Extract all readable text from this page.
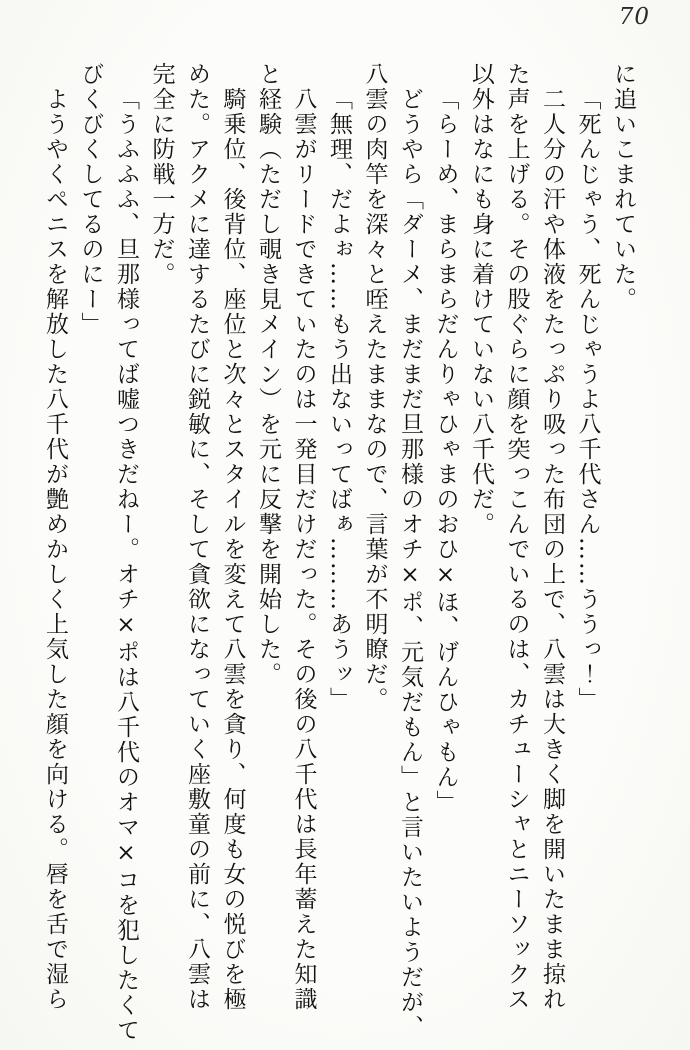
70
に追いこまれていた。
「死んじゃう、死んじゃうよ八千代さん……ううっ！」
二人分の汗や体液をたっぷり吸った布団の上で、八雲は大きく脚を開いたまま掠れ
た声を上げる。その股ぐらに顔を突っこんでいるのは、カチューシャとニーソックス
以外はなにも身に着けていない八千代だ。
「らーめ、まらまらだんりゃひゃまのおひ×ほ、げんひゃもん」
どうやら「ダーメ、まだまだ旦那様のオチ×ポ、元気だもん」と言いたいようだが、
八雲の肉竿を深々と咥えたままなので、言葉が不明瞭だ。
「無理、だよぉ……もう出ないってばぁ………あうッ」
八雲がリードできていたのは一発目だけだった。その後の八千代は長年蓄えた知識
と経験（ただし覗き見メイン）を元に反撃を開始した。
騎乗位、後背位、座位と次々とスタイルを変えて八雲を貪り、何度も女の悦びを極
めた。アクメに達するたびに鋭敏に、そして貪欲になっていく座敷童の前に、八雲は
完全に防戦一方だ。
「うふふふ、旦那様ってば嘘つきだねー。オチ×ポは八千代のオマ×コを犯したくて
びくびくしてるのにー」
ようやくペニスを解放した八千代が艶めかしく上気した顔を向ける。唇を舌で湿ら
